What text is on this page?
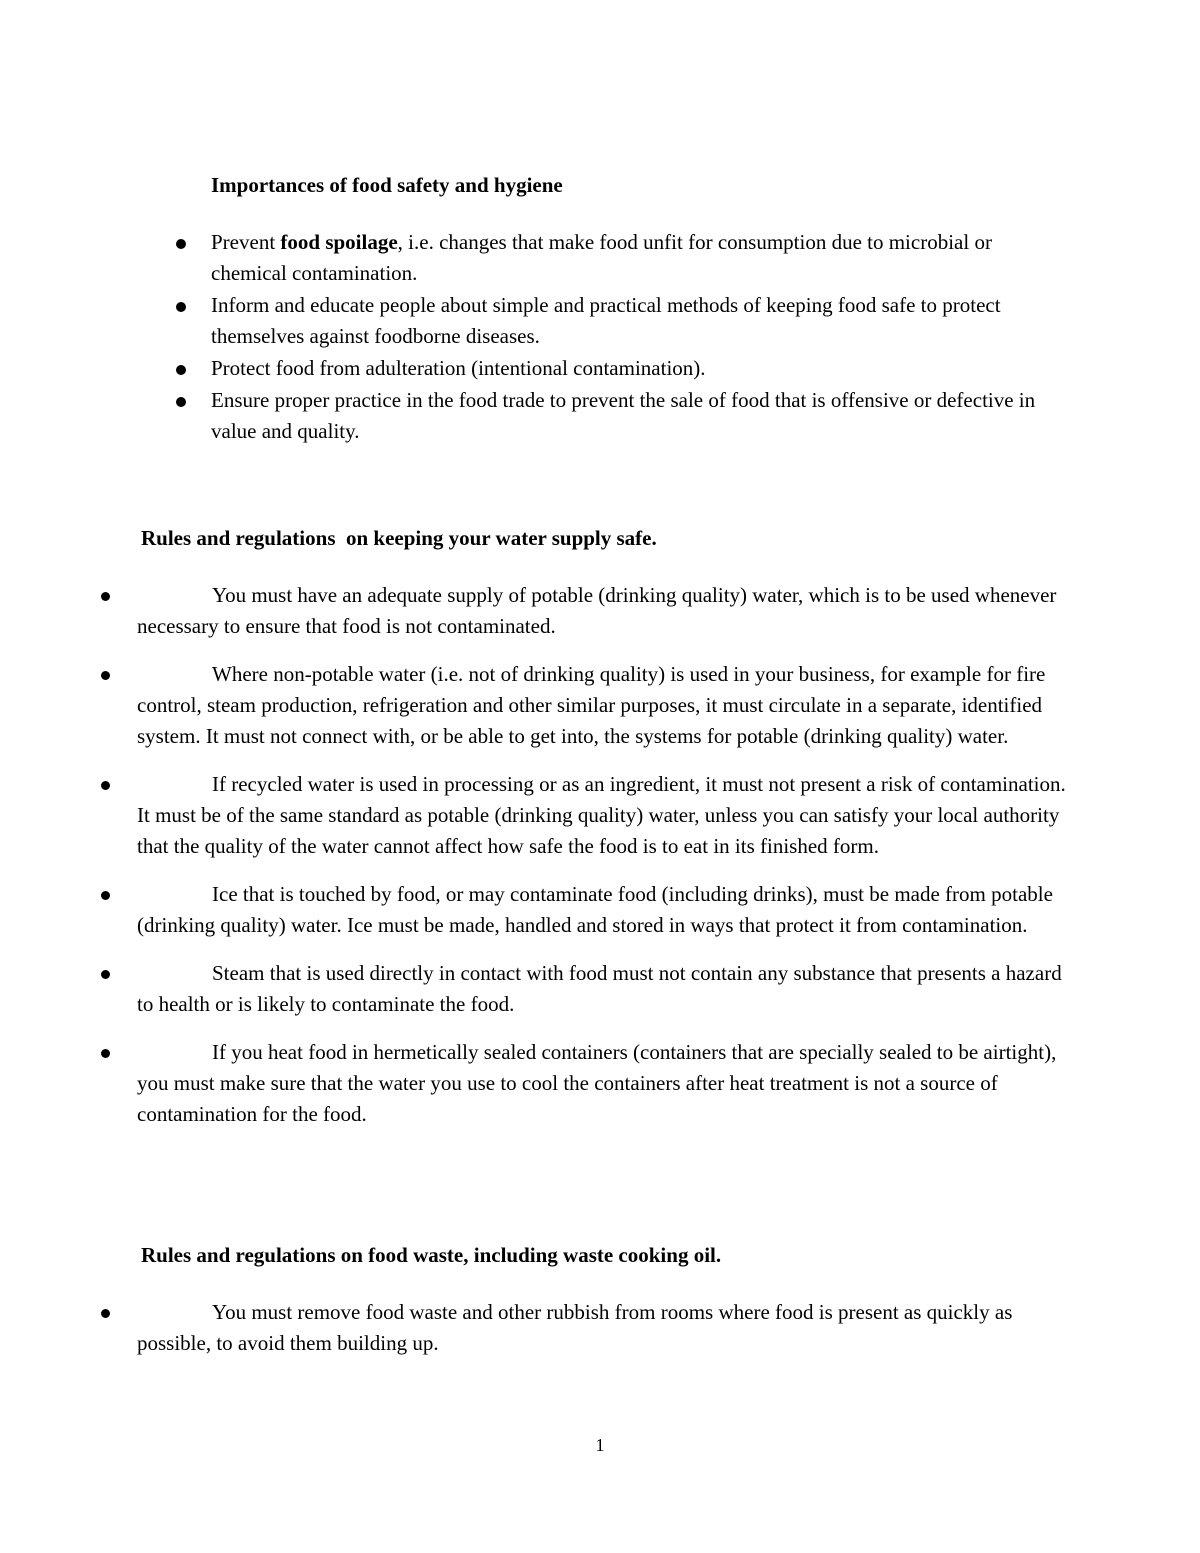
Importances of food safety and hygiene
Prevent food spoilage, i.e. changes that make food unfit for consumption due to microbial or chemical contamination.
Inform and educate people about simple and practical methods of keeping food safe to protect themselves against foodborne diseases.
Protect food from adulteration (intentional contamination).
Ensure proper practice in the food trade to prevent the sale of food that is offensive or defective in value and quality.
Rules and regulations  on keeping your water supply safe.
You must have an adequate supply of potable (drinking quality) water, which is to be used whenever necessary to ensure that food is not contaminated.
Where non-potable water (i.e. not of drinking quality) is used in your business, for example for fire control, steam production, refrigeration and other similar purposes, it must circulate in a separate, identified system. It must not connect with, or be able to get into, the systems for potable (drinking quality) water.
If recycled water is used in processing or as an ingredient, it must not present a risk of contamination. It must be of the same standard as potable (drinking quality) water, unless you can satisfy your local authority that the quality of the water cannot affect how safe the food is to eat in its finished form.
Ice that is touched by food, or may contaminate food (including drinks), must be made from potable (drinking quality) water. Ice must be made, handled and stored in ways that protect it from contamination.
Steam that is used directly in contact with food must not contain any substance that presents a hazard to health or is likely to contaminate the food.
If you heat food in hermetically sealed containers (containers that are specially sealed to be airtight), you must make sure that the water you use to cool the containers after heat treatment is not a source of contamination for the food.
Rules and regulations on food waste, including waste cooking oil.
You must remove food waste and other rubbish from rooms where food is present as quickly as possible, to avoid them building up.
1
